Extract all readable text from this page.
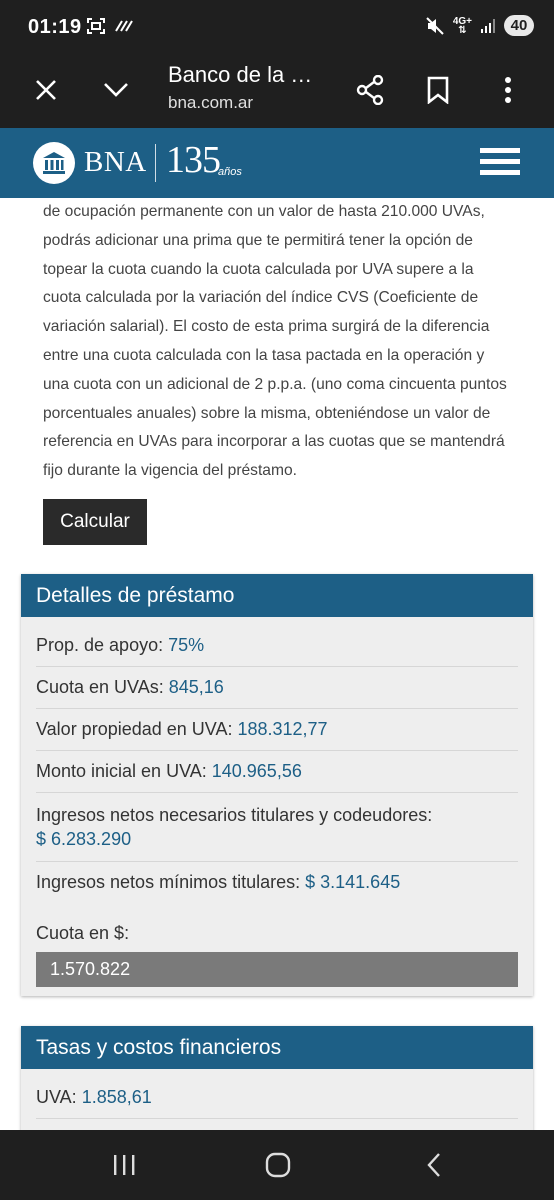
01:19	4G+
⇅	40
Banco de la …
bna.com.ar
BNA 135
años
de ocupación permanente con un valor de hasta 210.000 UVAs, podrás adicionar una prima que te permitirá tener la opción de topear la cuota cuando la cuota calculada por UVA supere a la cuota calculada por la variación del índice CVS (Coeficiente de variación salarial). El costo de esta prima surgirá de la diferencia entre una cuota calculada con la tasa pactada en la operación y una cuota con un adicional de 2 p.p.a. (uno coma cincuenta puntos porcentuales anuales) sobre la misma, obteniéndose un valor de referencia en UVAs para incorporar a las cuotas que se mantendrá fijo durante la vigencia del préstamo.
Calcular
Detalles de préstamo
Prop. de apoyo: 75%
Cuota en UVAs: 845,16
Valor propiedad en UVA: 188.312,77
Monto inicial en UVA: 140.965,56
Ingresos netos necesarios titulares y codeudores:
$ 6.283.290
Ingresos netos mínimos titulares: $ 3.141.645
Cuota en $:
1.570.822
Tasas y costos financieros
UVA: 1.858,61
